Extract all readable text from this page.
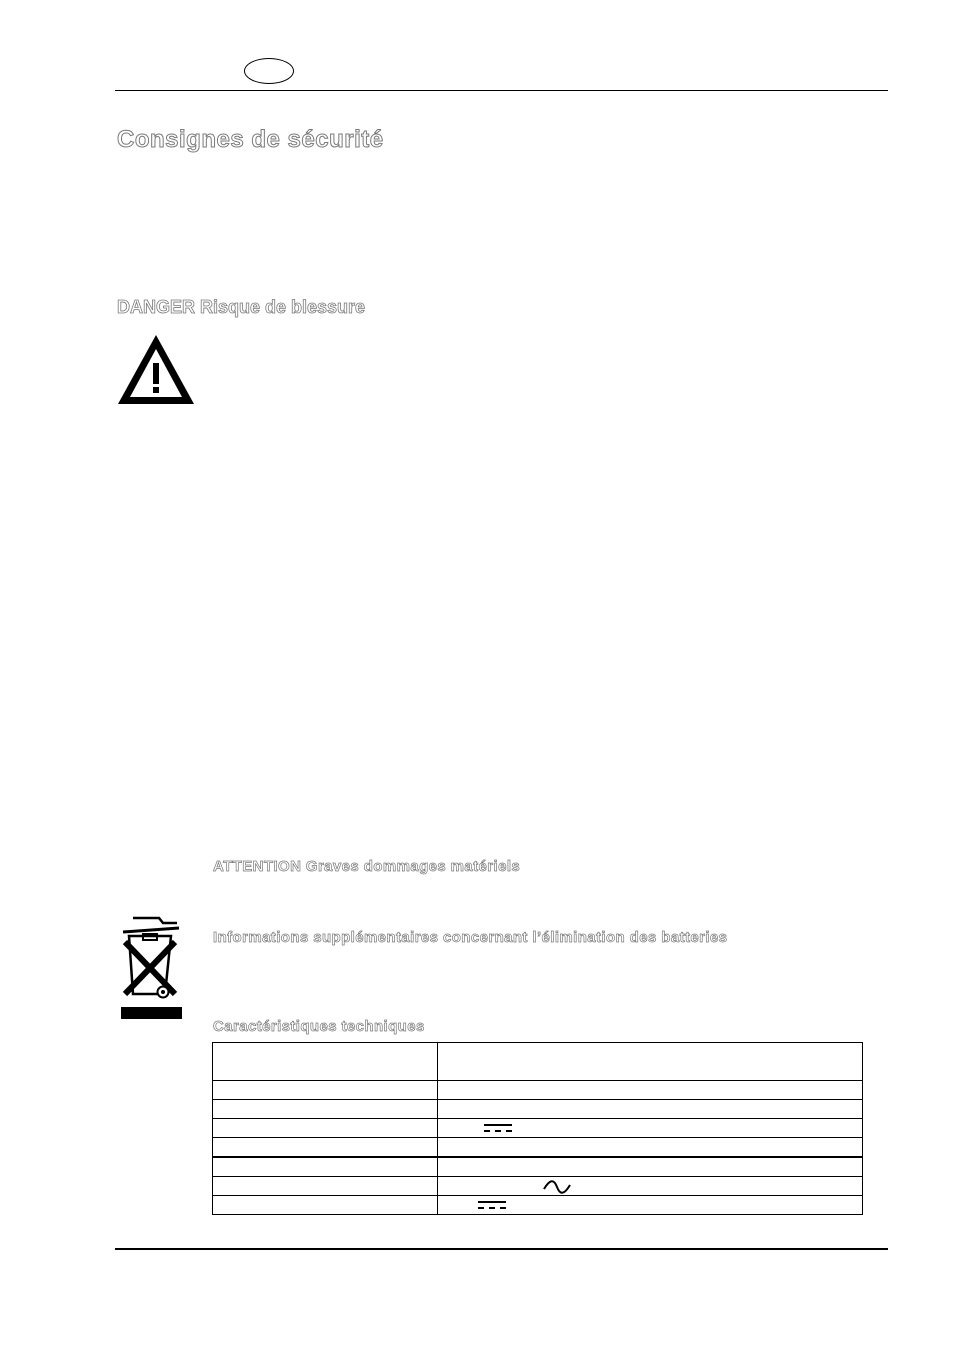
Consignes de sécurité
DANGER Risque de blessure
ATTENTION Graves dommages matériels
Informations supplémentaires concernant l’élimination des batteries
Caractéristiques techniques
